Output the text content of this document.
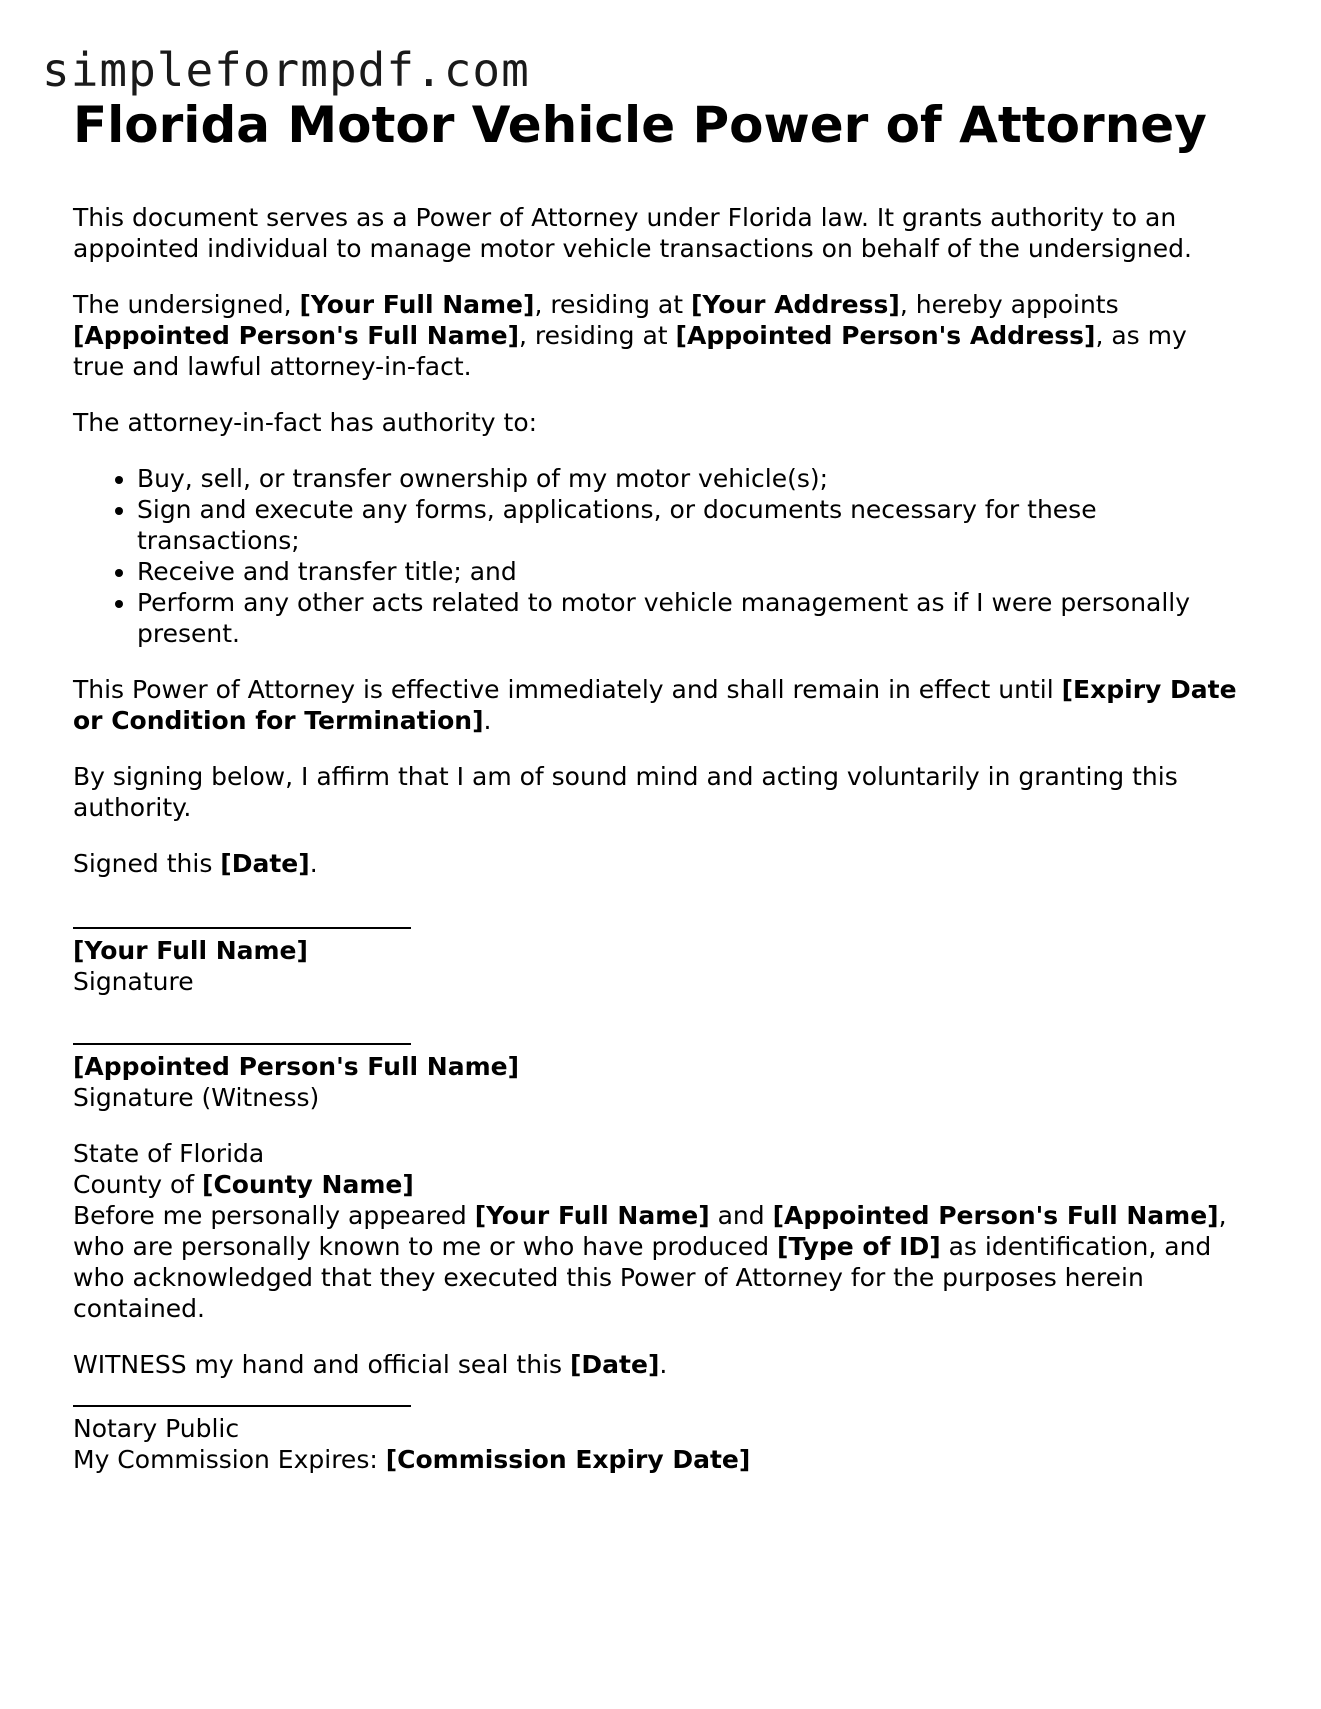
simpleformpdf.com
Florida Motor Vehicle Power of Attorney

This document serves as a Power of Attorney under Florida law. It grants authority to an appointed individual to manage motor vehicle transactions on behalf of the undersigned.

The undersigned, [Your Full Name], residing at [Your Address], hereby appoints [Appointed Person's Full Name], residing at [Appointed Person's Address], as my true and lawful attorney-in-fact.

The attorney-in-fact has authority to:

• Buy, sell, or transfer ownership of my motor vehicle(s);
• Sign and execute any forms, applications, or documents necessary for these transactions;
• Receive and transfer title; and
• Perform any other acts related to motor vehicle management as if I were personally present.

This Power of Attorney is effective immediately and shall remain in effect until [Expiry Date or Condition for Termination].

By signing below, I affirm that I am of sound mind and acting voluntarily in granting this authority.

Signed this [Date].

[Your Full Name]
Signature
[Appointed Person's Full Name]
Signature (Witness)
State of Florida
County of [County Name]
Before me personally appeared [Your Full Name] and [Appointed Person's Full Name], who are personally known to me or who have produced [Type of ID] as identification, and who acknowledged that they executed this Power of Attorney for the purposes herein contained.

WITNESS my hand and official seal this [Date].

Notary Public
My Commission Expires: [Commission Expiry Date]
